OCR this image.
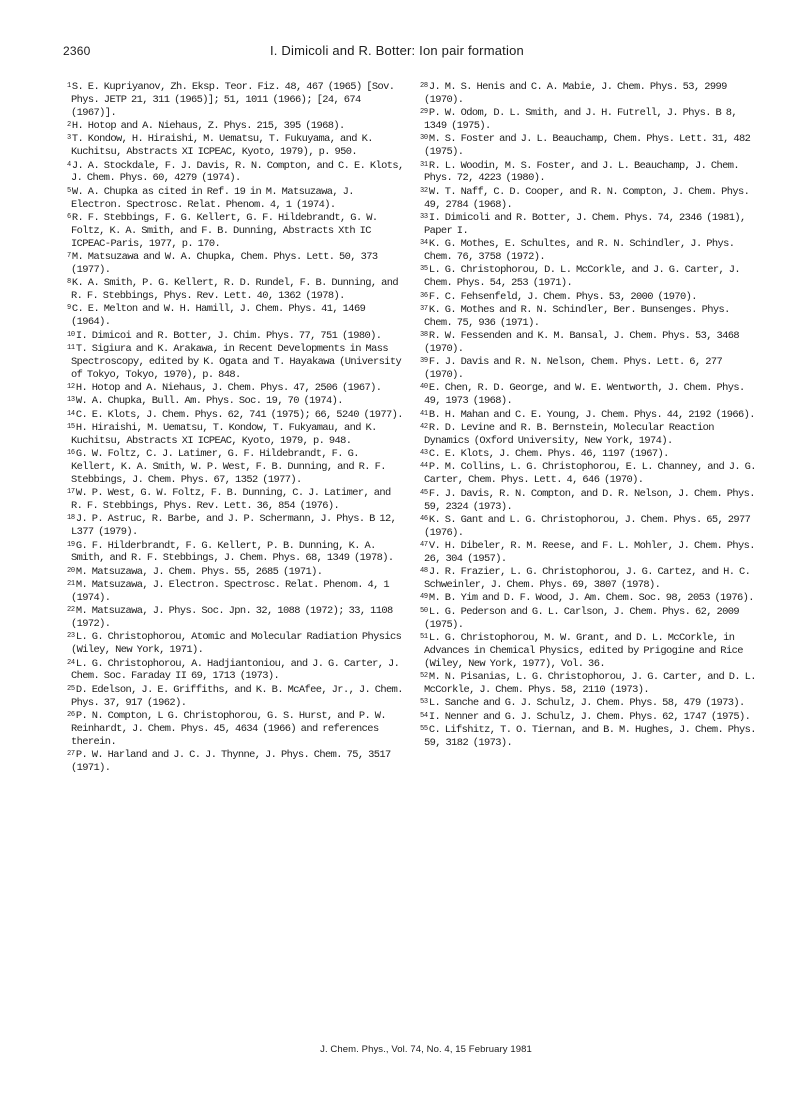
2360	I. Dimicoli and R. Botter: Ion pair formation
$^1$S. E. Kupriyanov, Zh. Eksp. Teor. Fiz. 48, 467 (1965) [Sov. Phys. JETP 21, 311 (1965)]; 51, 1011 (1966); [24, 674 (1967)].
$^2$H. Hotop and A. Niehaus, Z. Phys. 215, 395 (1968).
$^3$T. Kondow, H. Hiraishi, M. Uematsu, T. Fukuyama, and K. Kuchitsu, Abstracts XI ICPEAC, Kyoto, 1979), p. 950.
$^4$J. A. Stockdale, F. J. Davis, R. N. Compton, and C. E. Klots, J. Chem. Phys. 60, 4279 (1974).
$^5$W. A. Chupka as cited in Ref. 19 in M. Matsuzawa, J. Electron. Spectrosc. Relat. Phenom. 4, 1 (1974).
$^6$R. F. Stebbings, F. G. Kellert, G. F. Hildebrandt, G. W. Foltz, K. A. Smith, and F. B. Dunning, Abstracts Xth IC ICPEAC-Paris, 1977, p. 170.
$^7$M. Matsuzawa and W. A. Chupka, Chem. Phys. Lett. 50, 373 (1977).
$^8$K. A. Smith, P. G. Kellert, R. D. Rundel, F. B. Dunning, and R. F. Stebbings, Phys. Rev. Lett. 40, 1362 (1978).
$^9$C. E. Melton and W. H. Hamill, J. Chem. Phys. 41, 1469 (1964).
$^{10}$I. Dimicoi and R. Botter, J. Chim. Phys. 77, 751 (1980).
$^{11}$T. Sigiura and K. Arakawa, in Recent Developments in Mass Spectroscopy, edited by K. Ogata and T. Hayakawa (University of Tokyo, Tokyo, 1970), p. 848.
$^{12}$H. Hotop and A. Niehaus, J. Chem. Phys. 47, 2506 (1967).
$^{13}$W. A. Chupka, Bull. Am. Phys. Soc. 19, 70 (1974).
$^{14}$C. E. Klots, J. Chem. Phys. 62, 741 (1975); 66, 5240 (1977).
$^{15}$H. Hiraishi, M. Uematsu, T. Kondow, T. Fukyamau, and K. Kuchitsu, Abstracts XI ICPEAC, Kyoto, 1979, p. 948.
$^{16}$G. W. Foltz, C. J. Latimer, G. F. Hildebrandt, F. G. Kellert, K. A. Smith, W. P. West, F. B. Dunning, and R. F. Stebbings, J. Chem. Phys. 67, 1352 (1977).
$^{17}$W. P. West, G. W. Foltz, F. B. Dunning, C. J. Latimer, and R. F. Stebbings, Phys. Rev. Lett. 36, 854 (1976).
$^{18}$J. P. Astruc, R. Barbe, and J. P. Schermann, J. Phys. B 12, L377 (1979).
$^{19}$G. F. Hilderbrandt, F. G. Kellert, P. B. Dunning, K. A. Smith, and R. F. Stebbings, J. Chem. Phys. 68, 1349 (1978).
$^{20}$M. Matsuzawa, J. Chem. Phys. 55, 2685 (1971).
$^{21}$M. Matsuzawa, J. Electron. Spectrosc. Relat. Phenom. 4, 1 (1974).
$^{22}$M. Matsuzawa, J. Phys. Soc. Jpn. 32, 1088 (1972); 33, 1108 (1972).
$^{23}$L. G. Christophorou, Atomic and Molecular Radiation Physics (Wiley, New York, 1971).
$^{24}$L. G. Christophorou, A. Hadjiantoniou, and J. G. Carter, J. Chem. Soc. Faraday II 69, 1713 (1973).
$^{25}$D. Edelson, J. E. Griffiths, and K. B. McAfee, Jr., J. Chem. Phys. 37, 917 (1962).
$^{26}$P. N. Compton, L G. Christophorou, G. S. Hurst, and P. W. Reinhardt, J. Chem. Phys. 45, 4634 (1966) and references therein.
$^{27}$P. W. Harland and J. C. J. Thynne, J. Phys. Chem. 75, 3517 (1971).
$^{28}$J. M. S. Henis and C. A. Mabie, J. Chem. Phys. 53, 2999 (1970).
$^{29}$P. W. Odom, D. L. Smith, and J. H. Futrell, J. Phys. B 8, 1349 (1975).
$^{30}$M. S. Foster and J. L. Beauchamp, Chem. Phys. Lett. 31, 482 (1975).
$^{31}$R. L. Woodin, M. S. Foster, and J. L. Beauchamp, J. Chem. Phys. 72, 4223 (1980).
$^{32}$W. T. Naff, C. D. Cooper, and R. N. Compton, J. Chem. Phys. 49, 2784 (1968).
$^{33}$I. Dimicoli and R. Botter, J. Chem. Phys. 74, 2346 (1981), Paper I.
$^{34}$K. G. Mothes, E. Schultes, and R. N. Schindler, J. Phys. Chem. 76, 3758 (1972).
$^{35}$L. G. Christophorou, D. L. McCorkle, and J. G. Carter, J. Chem. Phys. 54, 253 (1971).
$^{36}$F. C. Fehsenfeld, J. Chem. Phys. 53, 2000 (1970).
$^{37}$K. G. Mothes and R. N. Schindler, Ber. Bunsenges. Phys. Chem. 75, 936 (1971).
$^{38}$R. W. Fessenden and K. M. Bansal, J. Chem. Phys. 53, 3468 (1970).
$^{39}$F. J. Davis and R. N. Nelson, Chem. Phys. Lett. 6, 277 (1970).
$^{40}$E. Chen, R. D. George, and W. E. Wentworth, J. Chem. Phys. 49, 1973 (1968).
$^{41}$B. H. Mahan and C. E. Young, J. Chem. Phys. 44, 2192 (1966).
$^{42}$R. D. Levine and R. B. Bernstein, Molecular Reaction Dynamics (Oxford University, New York, 1974).
$^{43}$C. E. Klots, J. Chem. Phys. 46, 1197 (1967).
$^{44}$P. M. Collins, L. G. Christophorou, E. L. Channey, and J. G. Carter, Chem. Phys. Lett. 4, 646 (1970).
$^{45}$F. J. Davis, R. N. Compton, and D. R. Nelson, J. Chem. Phys. 59, 2324 (1973).
$^{46}$K. S. Gant and L. G. Christophorou, J. Chem. Phys. 65, 2977 (1976).
$^{47}$V. H. Dibeler, R. M. Reese, and F. L. Mohler, J. Chem. Phys. 26, 304 (1957).
$^{48}$J. R. Frazier, L. G. Christophorou, J. G. Cartez, and H. C. Schweinler, J. Chem. Phys. 69, 3807 (1978).
$^{49}$M. B. Yim and D. F. Wood, J. Am. Chem. Soc. 98, 2053 (1976).
$^{50}$L. G. Pederson and G. L. Carlson, J. Chem. Phys. 62, 2009 (1975).
$^{51}$L. G. Christophorou, M. W. Grant, and D. L. McCorkle, in Advances in Chemical Physics, edited by Prigogine and Rice (Wiley, New York, 1977), Vol. 36.
$^{52}$M. N. Pisanias, L. G. Christophorou, J. G. Carter, and D. L. McCorkle, J. Chem. Phys. 58, 2110 (1973).
$^{53}$L. Sanche and G. J. Schulz, J. Chem. Phys. 58, 479 (1973).
$^{54}$I. Nenner and G. J. Schulz, J. Chem. Phys. 62, 1747 (1975).
$^{55}$C. Lifshitz, T. O. Tiernan, and B. M. Hughes, J. Chem. Phys. 59, 3182 (1973).
J. Chem. Phys., Vol. 74, No. 4, 15 February 1981
